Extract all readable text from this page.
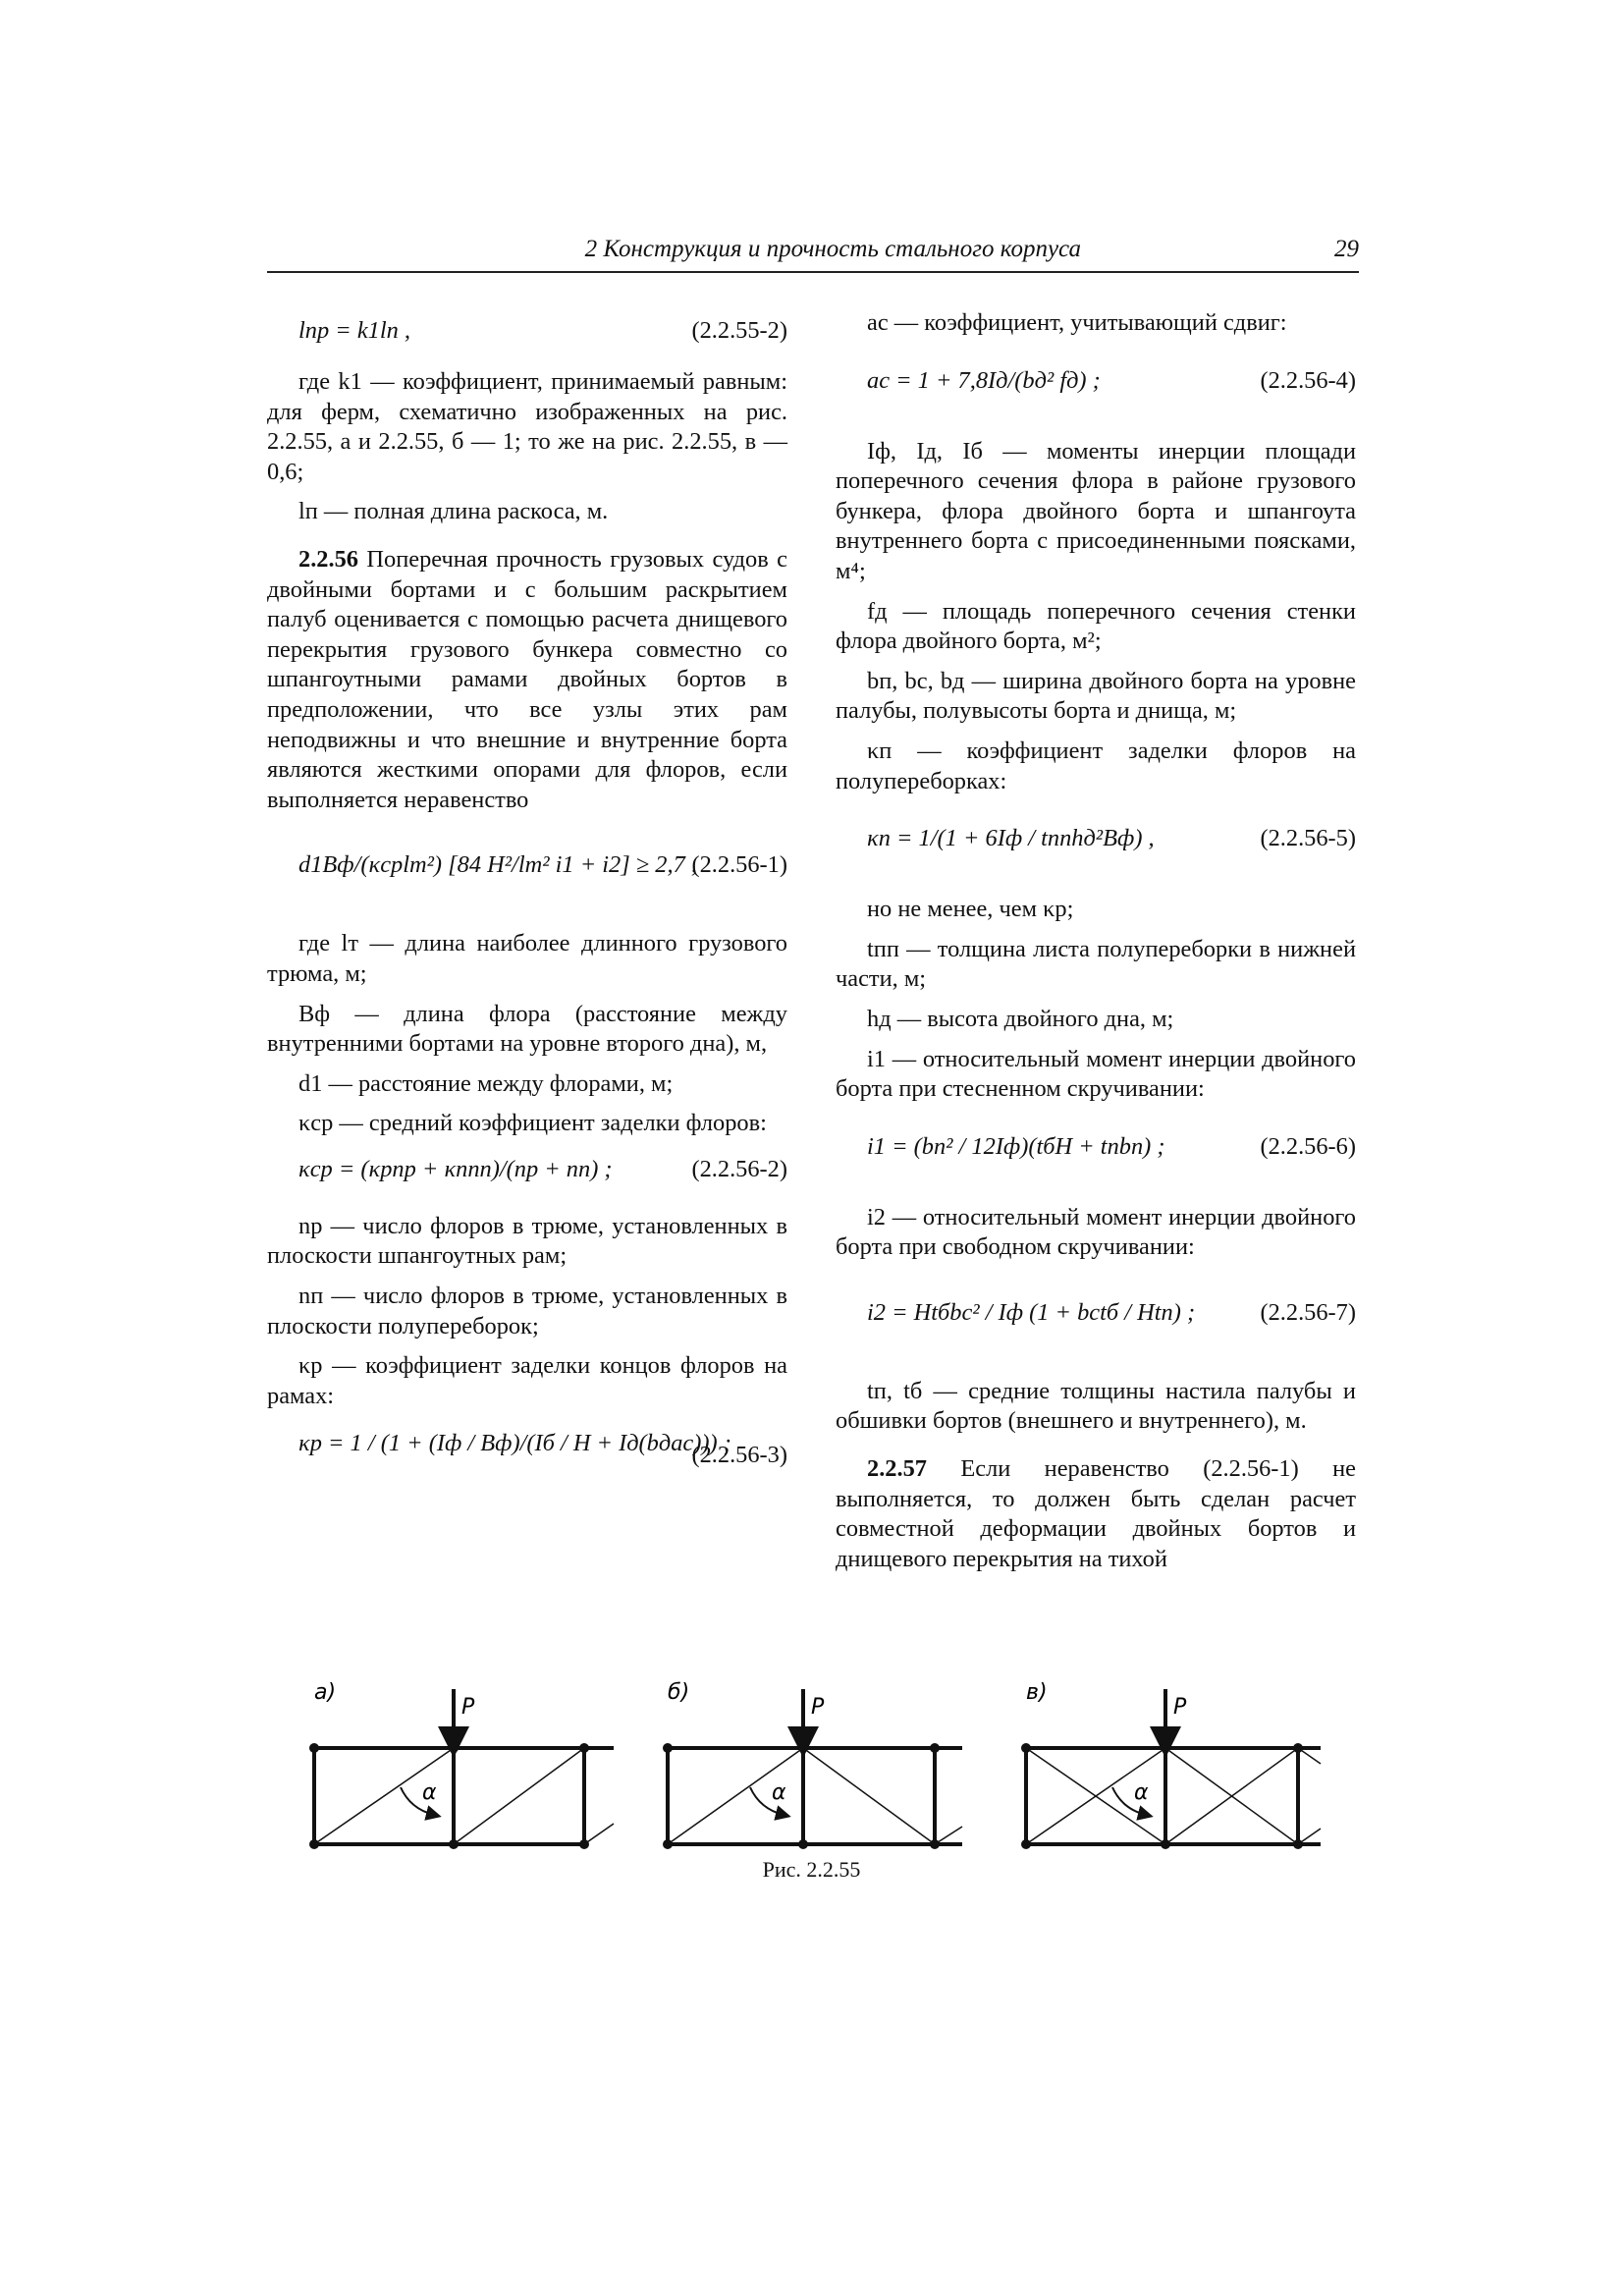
2 Конструкция и прочность стального корпуса	29
lпр = k1lп ,	(2.2.55-2)

где k1 — коэффициент, принимаемый равным: для ферм, схематично изображенных на рис. 2.2.55, а и 2.2.55, б — 1; то же на рис. 2.2.55, в — 0,6;

lп — полная длина раскоса, м.

2.2.56 Поперечная прочность грузовых судов с двойными бортами и с большим раскрытием палуб оценивается с помощью расчета днищевого перекрытия грузового бункера совместно со шпангоутными рамами двойных бортов в предположении, что все узлы этих рам неподвижны и что внешние и внутренние борта являются жесткими опорами для флоров, если выполняется неравенство

d1Bф/(κсрlт²) [84 H²/lт² i1 + i2] ≥ 2,7 ,
(2.2.56-1)

где lт — длина наиболее длинного грузового трюма, м;

Bф — длина флора (расстояние между внутренними бортами на уровне второго дна), м,

d1 — расстояние между флорами, м;

κср — средний коэффициент заделки флоров:

κср = (κрnр + κпnп)/(nр + nп) ;	(2.2.56-2)

nр — число флоров в трюме, установленных в плоскости шпангоутных рам;

nп — число флоров в трюме, установленных в плоскости полупереборок;

κр — коэффициент заделки концов флоров на рамах:

κр = 1 / (1 + (Iф / Bф)/(Iб / H + Iд(bдac))) ;
(2.2.56-3)

ac — коэффициент, учитывающий сдвиг:

ac = 1 + 7,8Iд/(bд² fд) ;	(2.2.56-4)

Iф, Iд, Iб — моменты инерции площади поперечного сечения флора в районе грузового бункера, флора двойного борта и шпангоута внутреннего борта с присоединенными поясками, м⁴;

fд — площадь поперечного сечения стенки флора двойного борта, м²;

bп, bc, bд — ширина двойного борта на уровне палубы, полувысоты борта и днища, м;

κп — коэффициент заделки флоров на полупереборках:

κп = 1/(1 + 6Iф / tппhд²Bф) ,	(2.2.56-5)

но не менее, чем κр;

tпп — толщина листа полупереборки в нижней части, м;

hд — высота двойного дна, м;

i1 — относительный момент инерции двойного борта при стесненном скручивании:

i1 = (bп² / 12Iф)(tбH + tпbп) ;	(2.2.56-6)

i2 — относительный момент инерции двойного борта при свободном скручивании:

i2 = Htбbc² / Iф (1 + bctб / Htп) ;	(2.2.56-7)

tп, tб — средние толщины настила палубы и обшивки бортов (внешнего и внутреннего), м.

2.2.57 Если неравенство (2.2.56-1) не выполняется, то должен быть сделан расчет совместной деформации двойных бортов и днищевого перекрытия на тихой

а)
P
α
б)
P
α
в)
P
α
Рис. 2.2.55
